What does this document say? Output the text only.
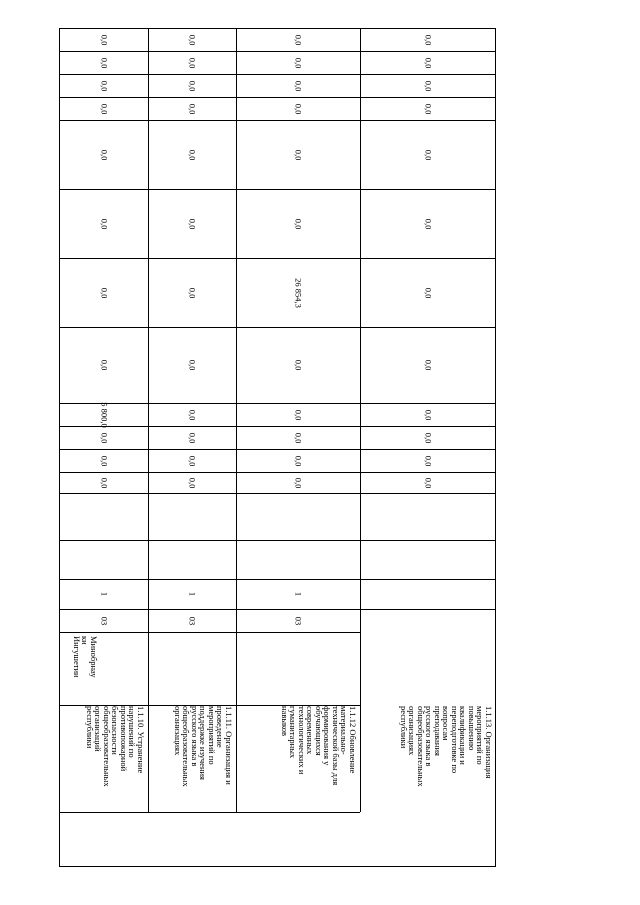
0,0
0,0
0,0
0,0
0,0
0,0
0,0
0,0
5 800,0
0,0
0,0
0,0
1
03
1.1.10. Устранение
нарушений по
противопожарной
безопасности
общеобразовательных
организаций
республики
Минобрнау
ки
Ингушетии
0,0
0,0
0,0
0,0
0,0
0,0
0,0
0,0
0,0
0,0
0,0
0,0
1
03
1.1.11. Организация и
проведение
мероприятий по
поддержке изучения
русского языка в
общеобразовательных
организациях
0,0
0,0
0,0
0,0
0,0
0,0
26 854,3
0,0
0,0
0,0
0,0
0,0
1
03
1.1.12 Обновление
материально-
технической базы для
формирования у
обучающихся
современных
технологических и
гуманитарных
навыков
0,0
0,0
0,0
0,0
0,0
0,0
0,0
0,0
0,0
0,0
0,0
0,0
1.1.13. Организация
мероприятий по
повышению
квалификации и
переподготовке по
вопросам
преподавания
русского языка в
общеобразовательных
организациях
республики
